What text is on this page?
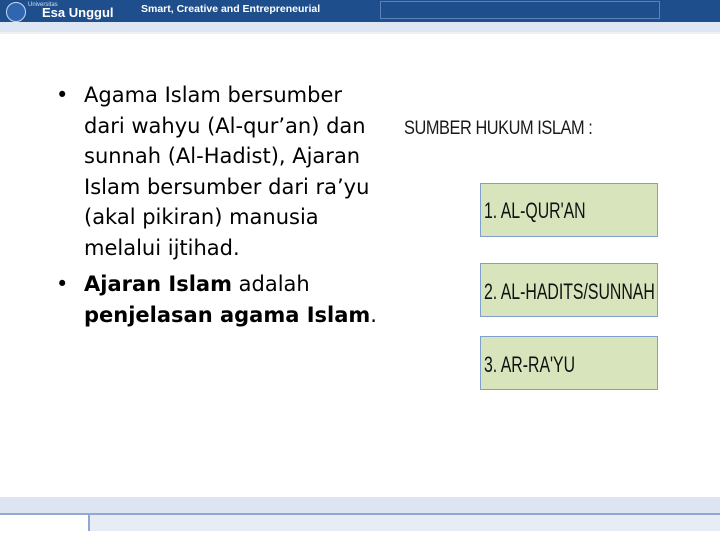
Universitas
Esa Unggul	Smart, Creative and Entrepreneurial
• Agama Islam bersumber dari wahyu (Al-qur’an) dan sunnah (Al-Hadist), Ajaran Islam bersumber dari ra’yu (akal pikiran) manusia melalui ijtihad.
• Ajaran Islam adalah penjelasan agama Islam.
SUMBER HUKUM ISLAM :
1. AL-QUR'AN
2. AL-HADITS/SUNNAH
3. AR-RA'YU
